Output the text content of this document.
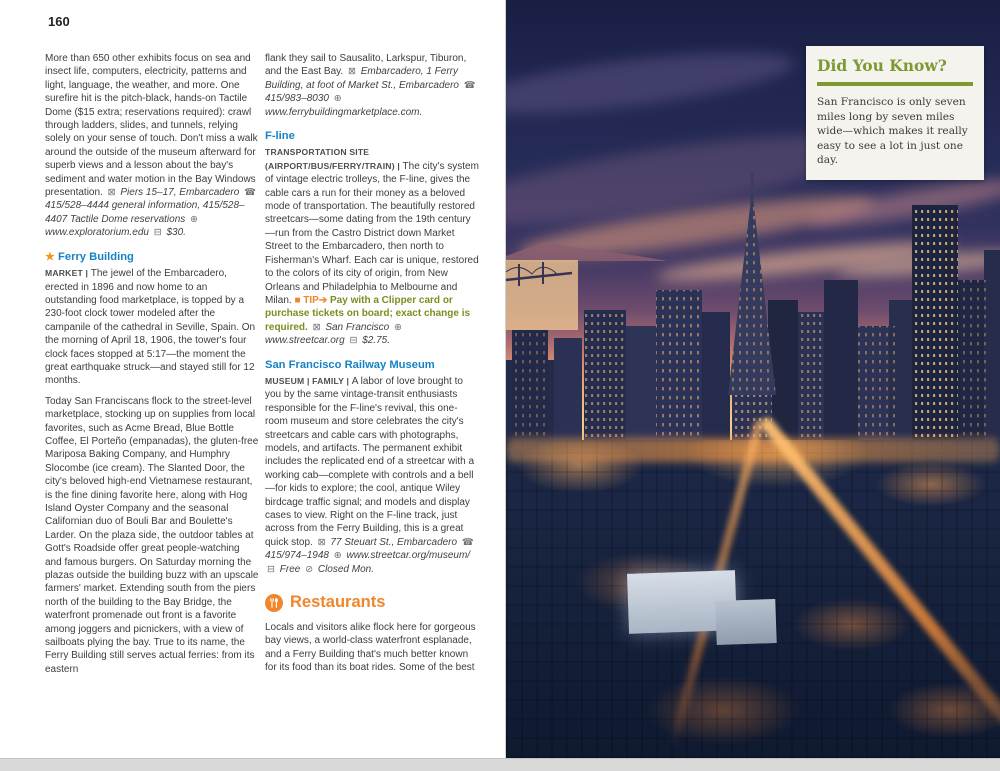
160

More than 650 other exhibits focus on sea and insect life, computers, electricity, patterns and light, language, the weather, and more. One surefire hit is the pitch-black, hands-on Tactile Dome ($15 extra; reservations required): crawl through ladders, slides, and tunnels, relying solely on your sense of touch. Don't miss a walk around the outside of the museum afterward for superb views and a lesson about the bay's sediment and water motion in the Bay Windows presentation. ⊠ Piers 15–17, Embarcadero ☎ 415/528–4444 general information, 415/528–4407 Tactile Dome reservations ⊕ www.exploratorium.edu ⊟ $30.

★ Ferry Building

MARKET | The jewel of the Embarcadero, erected in 1896 and now home to an outstanding food marketplace, is topped by a 230-foot clock tower modeled after the campanile of the cathedral in Seville, Spain. On the morning of April 18, 1906, the tower's four clock faces stopped at 5:17—the moment the great earthquake struck—and stayed still for 12 months.

Today San Franciscans flock to the street-level marketplace, stocking up on supplies from local favorites, such as Acme Bread, Blue Bottle Coffee, El Porteño (empanadas), the gluten-free Mariposa Baking Company, and Humphry Slocombe (ice cream). The Slanted Door, the city's beloved high-end Vietnamese restaurant, is the fine dining favorite here, along with Hog Island Oyster Company and the seasonal Californian duo of Bouli Bar and Boulette's Larder. On the plaza side, the outdoor tables at Gott's Roadside offer great people-watching and famous burgers. On Saturday morning the plazas outside the building buzz with an upscale farmers' market. Extending south from the piers north of the building to the Bay Bridge, the waterfront promenade out front is a favorite among joggers and picnickers, with a view of sailboats plying the bay. True to its name, the Ferry Building still serves actual ferries: from its eastern

flank they sail to Sausalito, Larkspur, Tiburon, and the East Bay. ⊠ Embarcadero, 1 Ferry Building, at foot of Market St., Embarcadero ☎ 415/983–8030 ⊕ www.ferrybuildingmarketplace.com.

F-line

TRANSPORTATION SITE (AIRPORT/BUS/FERRY/TRAIN) | The city's system of vintage electric trolleys, the F-line, gives the cable cars a run for their money as a beloved mode of transportation. The beautifully restored streetcars—some dating from the 19th century—run from the Castro District down Market Street to the Embarcadero, then north to Fisherman's Wharf. Each car is unique, restored to the colors of its city of origin, from New Orleans and Philadelphia to Melbourne and Milan. ■ TIP➔ Pay with a Clipper card or purchase tickets on board; exact change is required. ⊠ San Francisco ⊕ www.streetcar.org ⊟ $2.75.

San Francisco Railway Museum

MUSEUM | FAMILY | A labor of love brought to you by the same vintage-transit enthusiasts responsible for the F-line's revival, this one-room museum and store celebrates the city's streetcars and cable cars with photographs, models, and artifacts. The permanent exhibit includes the replicated end of a streetcar with a working cab—complete with controls and a bell—for kids to explore; the cool, antique Wiley birdcage traffic signal; and models and display cases to view. Right on the F-line track, just across from the Ferry Building, this is a great quick stop. ⊠ 77 Steuart St., Embarcadero ☎ 415/974–1948 ⊕ www.streetcar.org/museum/ ⊟ Free ⊘ Closed Mon.

Restaurants

Locals and visitors alike flock here for gorgeous bay views, a world-class waterfront esplanade, and a Ferry Building that's much better known for its food than its boat rides. Some of the best

Did You Know?

San Francisco is only seven miles long by seven miles wide—which makes it really easy to see a lot in just one day.
